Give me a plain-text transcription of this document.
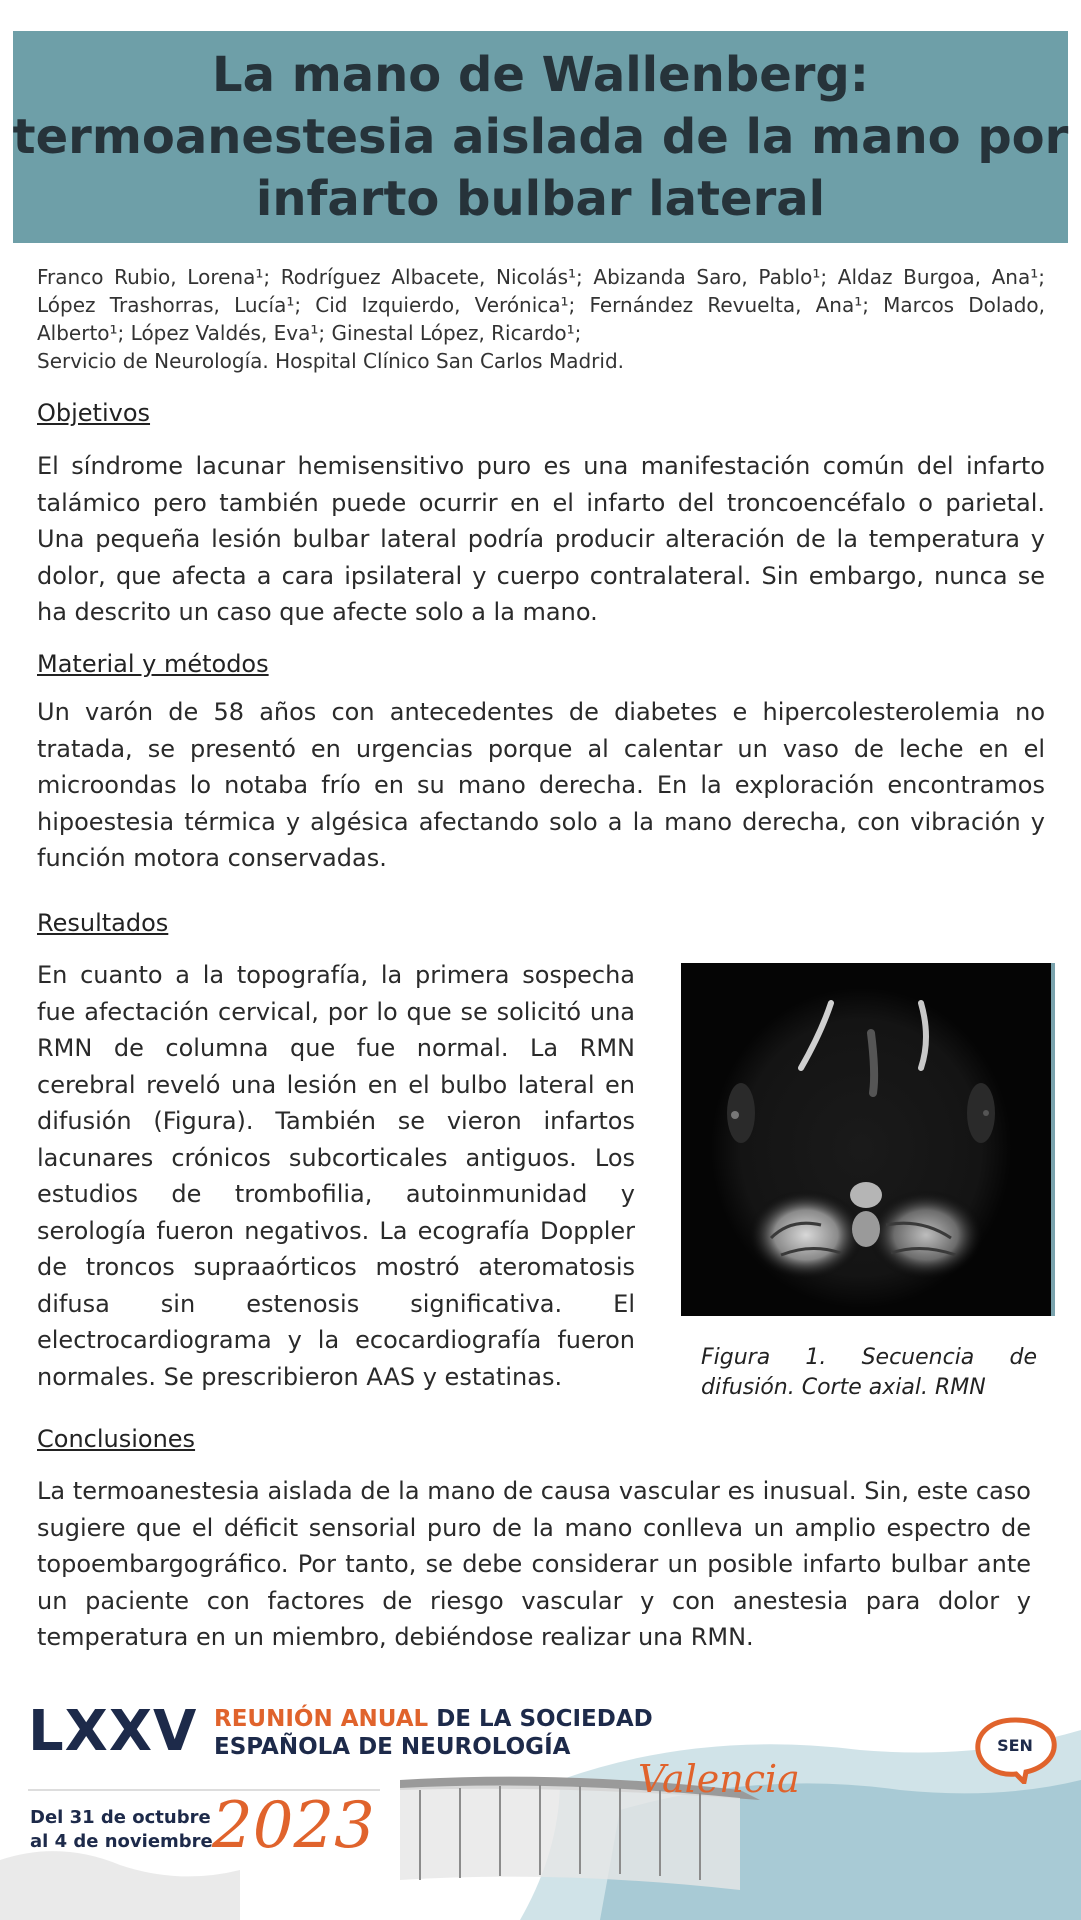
La mano de Wallenberg:
termoanestesia aislada de la mano por
infarto bulbar lateral
Franco Rubio, Lorena¹; Rodríguez Albacete, Nicolás¹; Abizanda Saro, Pablo¹; Aldaz Burgoa, Ana¹; López Trashorras, Lucía¹; Cid Izquierdo, Verónica¹; Fernández Revuelta, Ana¹; Marcos Dolado, Alberto¹; López Valdés, Eva¹; Ginestal López, Ricardo¹;
Servicio de Neurología. Hospital Clínico San Carlos Madrid.
Objetivos
El síndrome lacunar hemisensitivo puro es una manifestación común del infarto talámico pero también puede ocurrir en el infarto del troncoencéfalo o parietal. Una pequeña lesión bulbar lateral podría producir alteración de la temperatura y dolor, que afecta a cara ipsilateral y cuerpo contralateral. Sin embargo, nunca se ha descrito un caso que afecte solo a la mano.
Material y métodos
Un varón de 58 años con antecedentes de diabetes e hipercolesterolemia no tratada, se presentó en urgencias porque al calentar un vaso de leche en el microondas lo notaba frío en su mano derecha. En la exploración encontramos hipoestesia térmica y algésica afectando solo a la mano derecha, con vibración y función motora conservadas.
Resultados
En cuanto a la topografía, la primera sospecha fue afectación cervical, por lo que se solicitó una RMN de columna que fue normal. La RMN cerebral reveló una lesión en el bulbo lateral en difusión (Figura). También se vieron infartos lacunares crónicos subcorticales antiguos. Los estudios de trombofilia, autoinmunidad y serología fueron negativos. La ecografía Doppler de troncos supraaórticos mostró ateromatosis difusa sin estenosis significativa. El electrocardiograma y la ecocardiografía fueron normales. Se prescribieron AAS y estatinas.
Figura 1. Secuencia de difusión. Corte axial. RMN
Conclusiones
La termoanestesia aislada de la mano de causa vascular es inusual. Sin, este caso sugiere que el déficit sensorial puro de la mano conlleva un amplio espectro de topoembargográfico. Por tanto, se debe considerar un posible infarto bulbar ante un paciente con factores de riesgo vascular y con anestesia para dolor y temperatura en un miembro, debiéndose realizar una RMN.
LXXV REUNIÓN ANUAL DE LA SOCIEDAD
ESPAÑOLA DE NEUROLOGÍA
Del 31 de octubre
al 4 de noviembre 2023
Valencia
SEN
